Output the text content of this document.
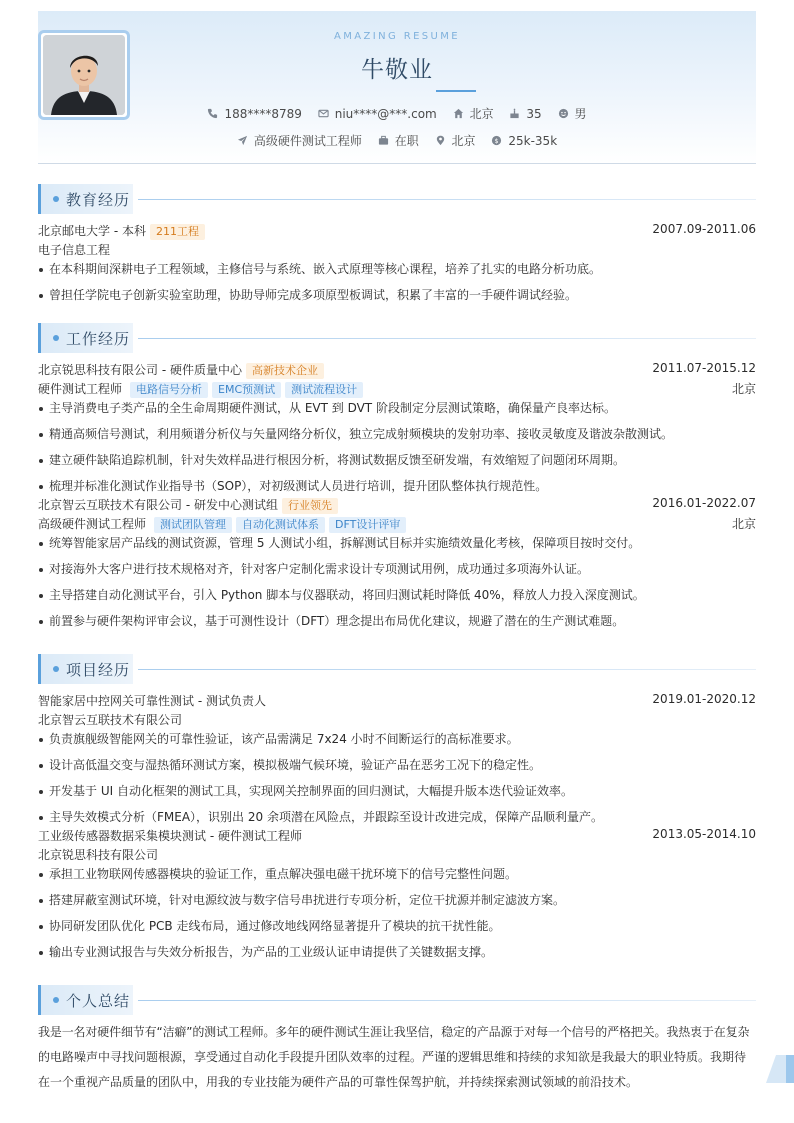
AMAZING RESUME
牛敬业
188****8789	niu****@***.com	北京	35	男
高级硬件测试工程师	在职	北京	$ 25k-35k
教育经历
北京邮电大学 - 本科 211工程	2007.09-2011.06
电子信息工程
在本科期间深耕电子工程领域，主修信号与系统、嵌入式原理等核心课程，培养了扎实的电路分析功底。
曾担任学院电子创新实验室助理，协助导师完成多项原型板调试，积累了丰富的一手硬件调试经验。
工作经历
北京锐思科技有限公司 - 硬件质量中心 高新技术企业	2011.07-2015.12
硬件测试工程师 电路信号分析 EMC预测试 测试流程设计	北京
主导消费电子类产品的全生命周期硬件测试，从 EVT 到 DVT 阶段制定分层测试策略，确保量产良率达标。
精通高频信号测试，利用频谱分析仪与矢量网络分析仪，独立完成射频模块的发射功率、接收灵敏度及谐波杂散测试。
建立硬件缺陷追踪机制，针对失效样品进行根因分析，将测试数据反馈至研发端，有效缩短了问题闭环周期。
梳理并标准化测试作业指导书（SOP），对初级测试人员进行培训，提升团队整体执行规范性。
北京智云互联技术有限公司 - 研发中心测试组 行业领先	2016.01-2022.07
高级硬件测试工程师 测试团队管理 自动化测试体系 DFT设计评审	北京
统筹智能家居产品线的测试资源，管理 5 人测试小组，拆解测试目标并实施绩效量化考核，保障项目按时交付。
对接海外大客户进行技术规格对齐，针对客户定制化需求设计专项测试用例，成功通过多项海外认证。
主导搭建自动化测试平台，引入 Python 脚本与仪器联动，将回归测试耗时降低 40%，释放人力投入深度测试。
前置参与硬件架构评审会议，基于可测性设计（DFT）理念提出布局优化建议，规避了潜在的生产测试难题。
项目经历
智能家居中控网关可靠性测试 - 测试负责人	2019.01-2020.12
北京智云互联技术有限公司
负责旗舰级智能网关的可靠性验证，该产品需满足 7x24 小时不间断运行的高标准要求。
设计高低温交变与湿热循环测试方案，模拟极端气候环境，验证产品在恶劣工况下的稳定性。
开发基于 UI 自动化框架的测试工具，实现网关控制界面的回归测试，大幅提升版本迭代验证效率。
主导失效模式分析（FMEA），识别出 20 余项潜在风险点，并跟踪至设计改进完成，保障产品顺利量产。
工业级传感器数据采集模块测试 - 硬件测试工程师	2013.05-2014.10
北京锐思科技有限公司
承担工业物联网传感器模块的验证工作，重点解决强电磁干扰环境下的信号完整性问题。
搭建屏蔽室测试环境，针对电源纹波与数字信号串扰进行专项分析，定位干扰源并制定滤波方案。
协同研发团队优化 PCB 走线布局，通过修改地线网络显著提升了模块的抗干扰性能。
输出专业测试报告与失效分析报告，为产品的工业级认证申请提供了关键数据支撑。
个人总结
我是一名对硬件细节有“洁癖”的测试工程师。多年的硬件测试生涯让我坚信，稳定的产品源于对每一个信号的严格把关。我热衷于在复杂
的电路噪声中寻找问题根源，享受通过自动化手段提升团队效率的过程。严谨的逻辑思维和持续的求知欲是我最大的职业特质。我期待
在一个重视产品质量的团队中，用我的专业技能为硬件产品的可靠性保驾护航，并持续探索测试领域的前沿技术。
